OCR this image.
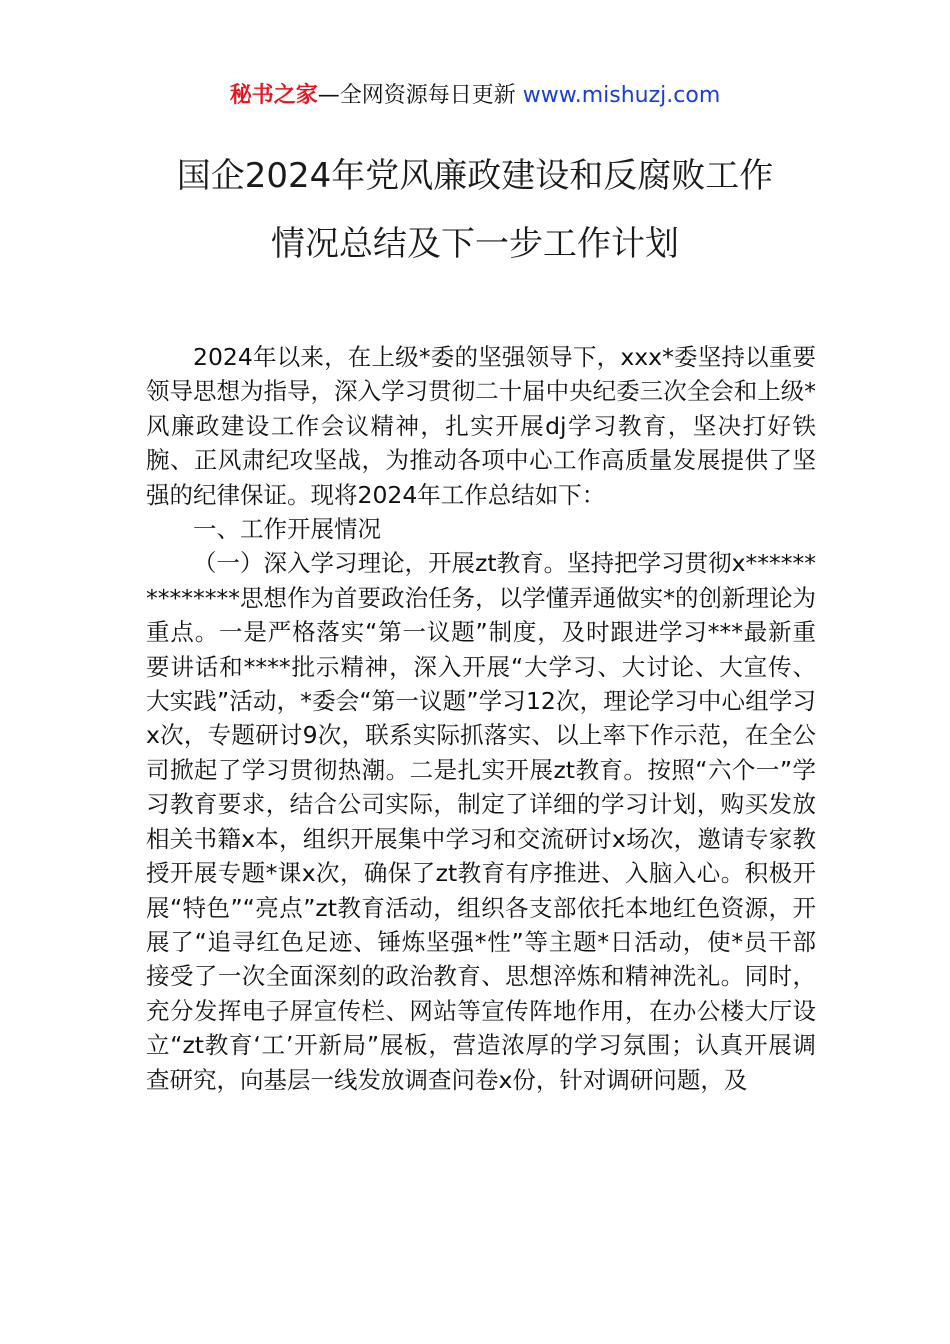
秘书之家—全网资源每日更新 www.mishuzj.com
国企2024年党风廉政建设和反腐败工作
情况总结及下一步工作计划

2024年以来，在上级*委的坚强领导下，xxx*委坚持以重要领导思想为指导，深入学习贯彻二十届中央纪委三次全会和上级*风廉政建设工作会议精神，扎实开展dj学习教育，坚决打好铁腕、正风肃纪攻坚战，为推动各项中心工作高质量发展提供了坚强的纪律保证。现将2024年工作总结如下：

一、工作开展情况

（一）深入学习理论，开展zt教育。坚持把学习贯彻x**************思想作为首要政治任务，以学懂弄通做实*的创新理论为重点。一是严格落实“第一议题”制度，及时跟进学习***最新重要讲话和****批示精神，深入开展“大学习、大讨论、大宣传、大实践”活动，*委会“第一议题”学习12次，理论学习中心组学习x次，专题研讨9次，联系实际抓落实、以上率下作示范，在全公司掀起了学习贯彻热潮。二是扎实开展zt教育。按照“六个一”学习教育要求，结合公司实际，制定了详细的学习计划，购买发放相关书籍x本，组织开展集中学习和交流研讨x场次，邀请专家教授开展专题*课x次，确保了zt教育有序推进、入脑入心。积极开展“特色”“亮点”zt教育活动，组织各支部依托本地红色资源，开展了“追寻红色足迹、锤炼坚强*性”等主题*日活动，使*员干部接受了一次全面深刻的政治教育、思想淬炼和精神洗礼。同时，充分发挥电子屏宣传栏、网站等宣传阵地作用，在办公楼大厅设立“zt教育‘工’开新局”展板，营造浓厚的学习氛围；认真开展调查研究，向基层一线发放调查问卷x份，针对调研问题，及
